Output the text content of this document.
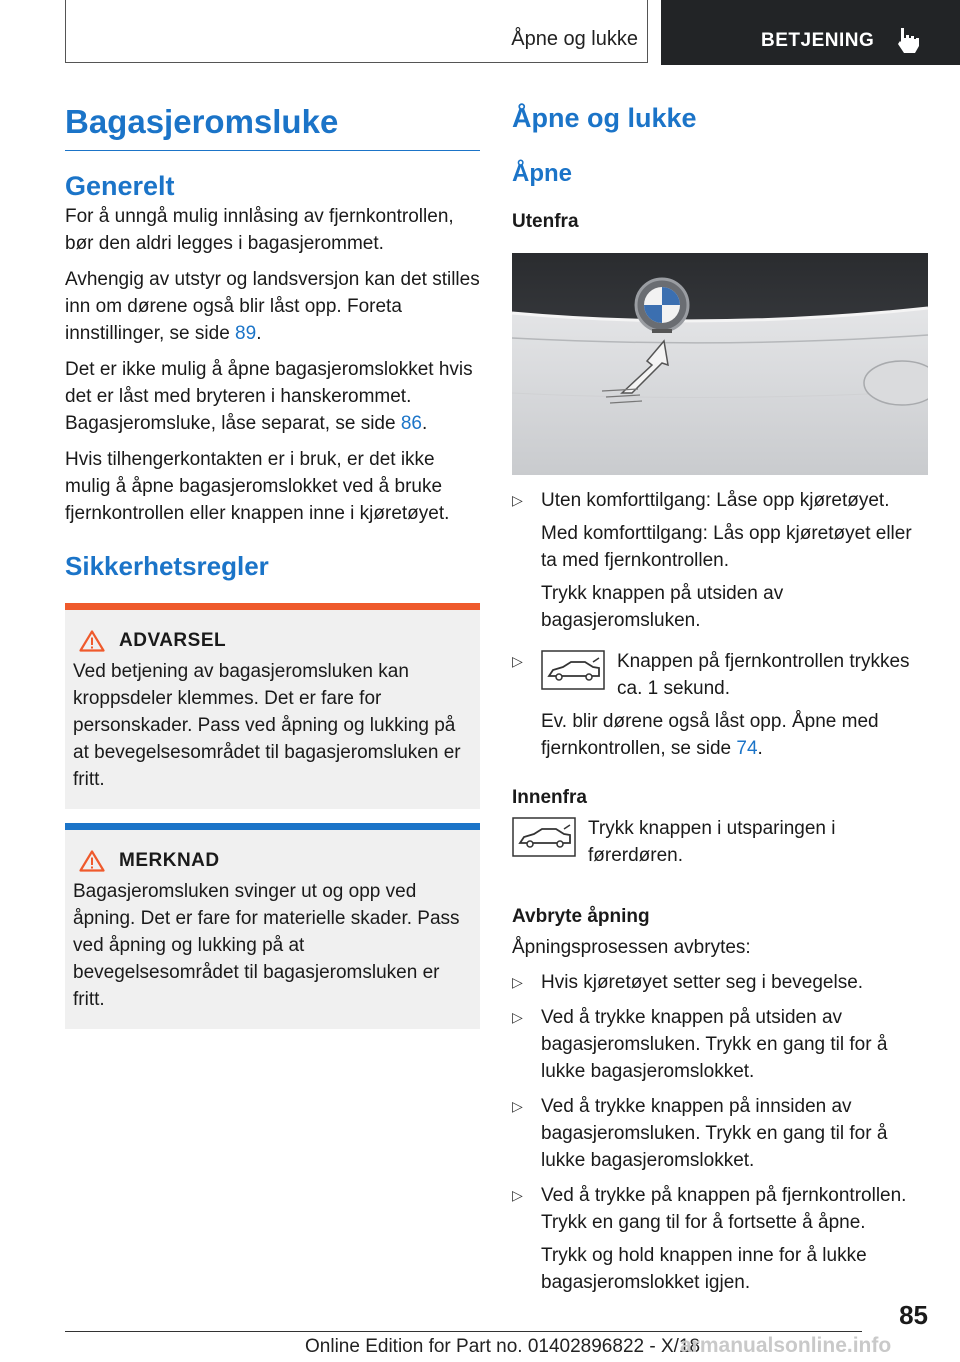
Åpne og lukke	BETJENING
Bagasjeromsluke
Generelt

For å unngå mulig innlåsing av fjernkontrollen, bør den aldri legges i bagasjerommet.

Avhengig av utstyr og landsversjon kan det stilles inn om dørene også blir låst opp. Foreta innstillinger, se side 89.

Det er ikke mulig å åpne bagasjeromslokket hvis det er låst med bryteren i hanskerommet. Bagasjeromsluke, låse separat, se side 86.

Hvis tilhengerkontakten er i bruk, er det ikke mulig å åpne bagasjeromslokket ved å bruke fjernkontrollen eller knappen inne i kjøretøyet.

Sikkerhetsregler
ADVARSEL

Ved betjening av bagasjeromsluken kan kroppsdeler klemmes. Det er fare for personskader. Pass ved åpning og lukking på at bevegelsesområdet til bagasjeromsluken er fritt.

MERKNAD

Bagasjeromsluken svinger ut og opp ved åpning. Det er fare for materielle skader. Pass ved åpning og lukking på at bevegelsesområdet til bagasjeromsluken er fritt.

Åpne og lukke
Åpne
Utenfra
▷ Uten komforttilgang: Låse opp kjøretøyet.

Med komforttilgang: Lås opp kjøretøyet eller ta med fjernkontrollen.

Trykk knappen på utsiden av bagasjeromsluken.

▷	Knappen på fjernkontrollen trykkes ca. 1 sekund.

Ev. blir dørene også låst opp. Åpne med fjernkontrollen, se side 74.

Innenfra

Trykk knappen i utsparingen i førerdøren.

Avbryte åpning

Åpningsprosessen avbrytes:

▷ Hvis kjøretøyet setter seg i bevegelse.

▷ Ved å trykke knappen på utsiden av bagasjeromsluken. Trykk en gang til for å lukke bagasjeromslokket.

▷ Ved å trykke knappen på innsiden av bagasjeromsluken. Trykk en gang til for å lukke bagasjeromslokket.

▷ Ved å trykke på knappen på fjernkontrollen. Trykk en gang til for å fortsette å åpne.

Trykk og hold knappen inne for å lukke bagasjeromslokket igjen.

85
Online Edition for Part no. 01402896822 - X/18
armanualsonline.info
